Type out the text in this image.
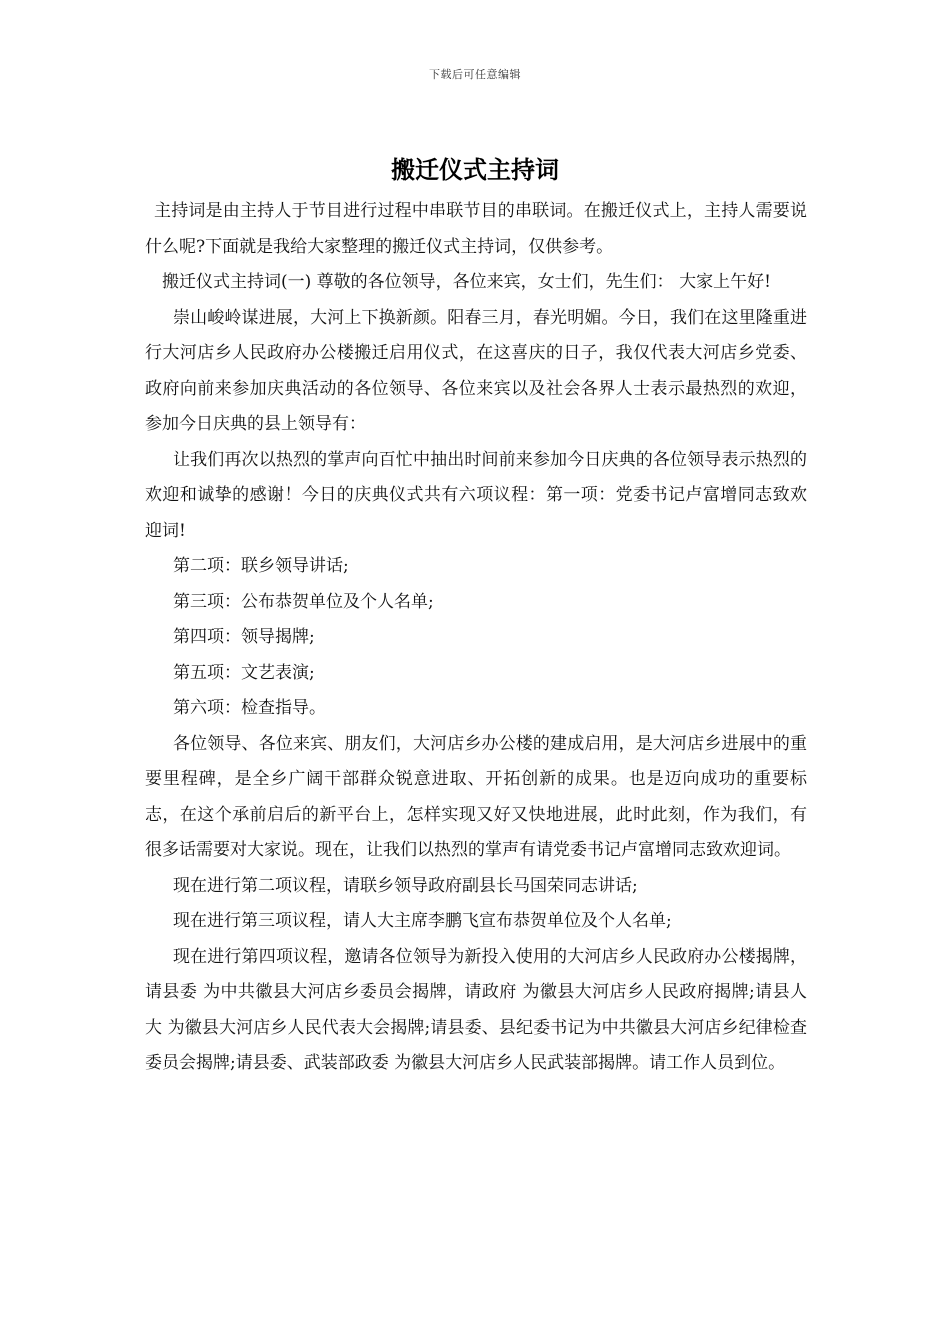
下载后可任意编辑
搬迁仪式主持词

主持词是由主持人于节目进行过程中串联节目的串联词。在搬迁仪式上，主持人需要说什么呢?下面就是我给大家整理的搬迁仪式主持词，仅供参考。

搬迁仪式主持词(一) 尊敬的各位领导，各位来宾，女士们，先生们： 大家上午好!

崇山峻岭谋进展，大河上下换新颜。阳春三月，春光明媚。今日，我们在这里隆重进行大河店乡人民政府办公楼搬迁启用仪式，在这喜庆的日子，我仅代表大河店乡党委、政府向前来参加庆典活动的各位领导、各位来宾以及社会各界人士表示最热烈的欢迎，参加今日庆典的县上领导有：

让我们再次以热烈的掌声向百忙中抽出时间前来参加今日庆典的各位领导表示热烈的欢迎和诚挚的感谢！今日的庆典仪式共有六项议程：第一项：党委书记卢富增同志致欢迎词!

第二项：联乡领导讲话;

第三项：公布恭贺单位及个人名单;

第四项：领导揭牌;

第五项：文艺表演;

第六项：检查指导。

各位领导、各位来宾、朋友们，大河店乡办公楼的建成启用，是大河店乡进展中的重要里程碑，是全乡广阔干部群众锐意进取、开拓创新的成果。也是迈向成功的重要标志，在这个承前启后的新平台上，怎样实现又好又快地进展，此时此刻，作为我们，有很多话需要对大家说。现在，让我们以热烈的掌声有请党委书记卢富增同志致欢迎词。

现在进行第二项议程，请联乡领导政府副县长马国荣同志讲话;

现在进行第三项议程，请人大主席李鹏飞宣布恭贺单位及个人名单;

现在进行第四项议程，邀请各位领导为新投入使用的大河店乡人民政府办公楼揭牌，请县委 为中共徽县大河店乡委员会揭牌，请政府 为徽县大河店乡人民政府揭牌;请县人大 为徽县大河店乡人民代表大会揭牌;请县委、县纪委书记为中共徽县大河店乡纪律检查委员会揭牌;请县委、武装部政委 为徽县大河店乡人民武装部揭牌。请工作人员到位。
